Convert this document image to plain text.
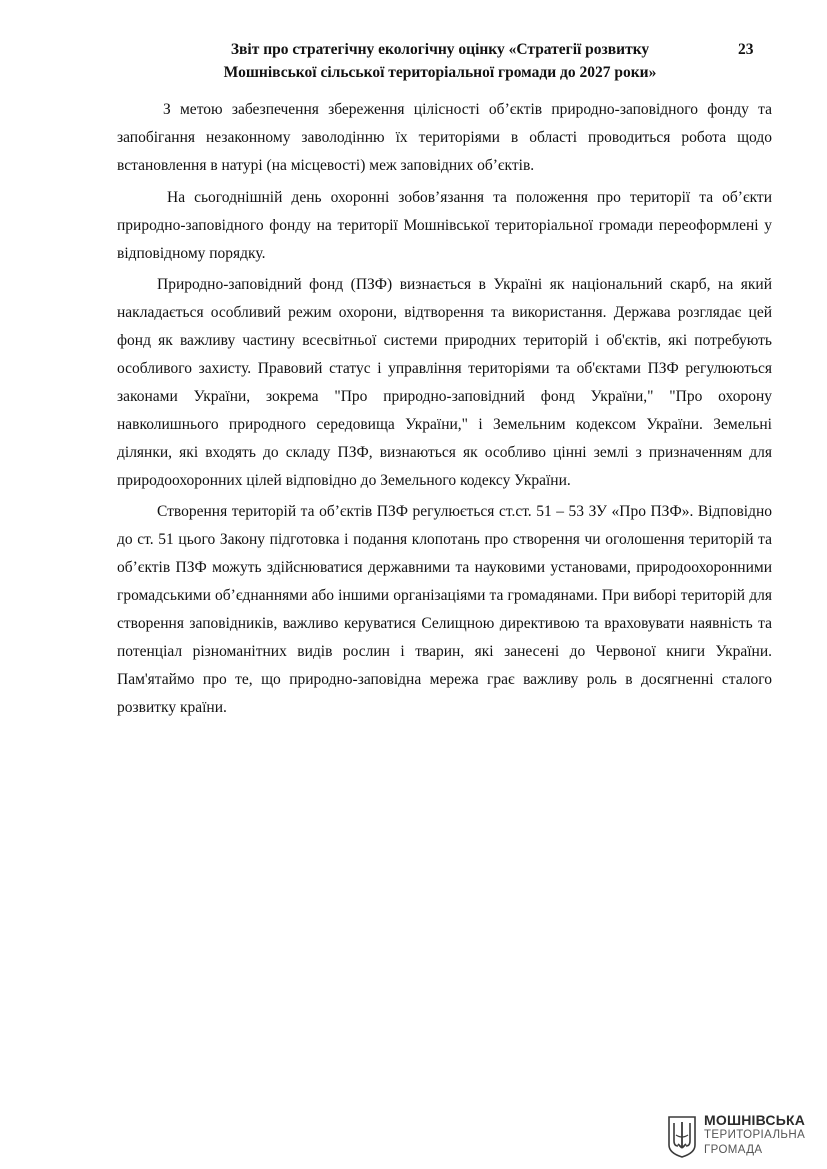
Звіт про стратегічну екологічну оцінку «Стратегії розвитку
Мошнівської сільської територіальної громади до 2027 роки»
23

З метою забезпечення збереження цілісності об’єктів природно-заповідного фонду та запобігання незаконному заволодінню їх територіями в області проводиться робота щодо встановлення в натурі (на місцевості) меж заповідних об’єктів.

На сьогоднішній день охоронні зобов’язання та положення про території та об’єкти природно-заповідного фонду на території Мошнівської територіальної громади переоформлені у відповідному порядку.

Природно-заповідний фонд (ПЗФ) визнається в Україні як національний скарб, на який накладається особливий режим охорони, відтворення та використання. Держава розглядає цей фонд як важливу частину всесвітньої системи природних територій і об'єктів, які потребують особливого захисту. Правовий статус і управління територіями та об'єктами ПЗФ регулюються законами України, зокрема "Про природно-заповідний фонд України," "Про охорону навколишнього природного середовища України," і Земельним кодексом України. Земельні ділянки, які входять до складу ПЗФ, визнаються як особливо цінні землі з призначенням для природоохоронних цілей відповідно до Земельного кодексу України.

Створення територій та об’єктів ПЗФ регулюється ст.ст. 51 – 53 ЗУ «Про ПЗФ». Відповідно до ст. 51 цього Закону підготовка і подання клопотань про створення чи оголошення територій та об’єктів ПЗФ можуть здійснюватися державними та науковими установами, природоохоронними громадськими об’єднаннями або іншими організаціями та громадянами. При виборі територій для створення заповідників, важливо керуватися Селищною директивою та враховувати наявність та потенціал різноманітних видів рослин і тварин, які занесені до Червоної книги України. Пам'ятаймо про те, що природно-заповідна мережа грає важливу роль в досягненні сталого розвитку країни.

МОШНІВСЬКА
ТЕРИТОРІАЛЬНА
ГРОМАДА
